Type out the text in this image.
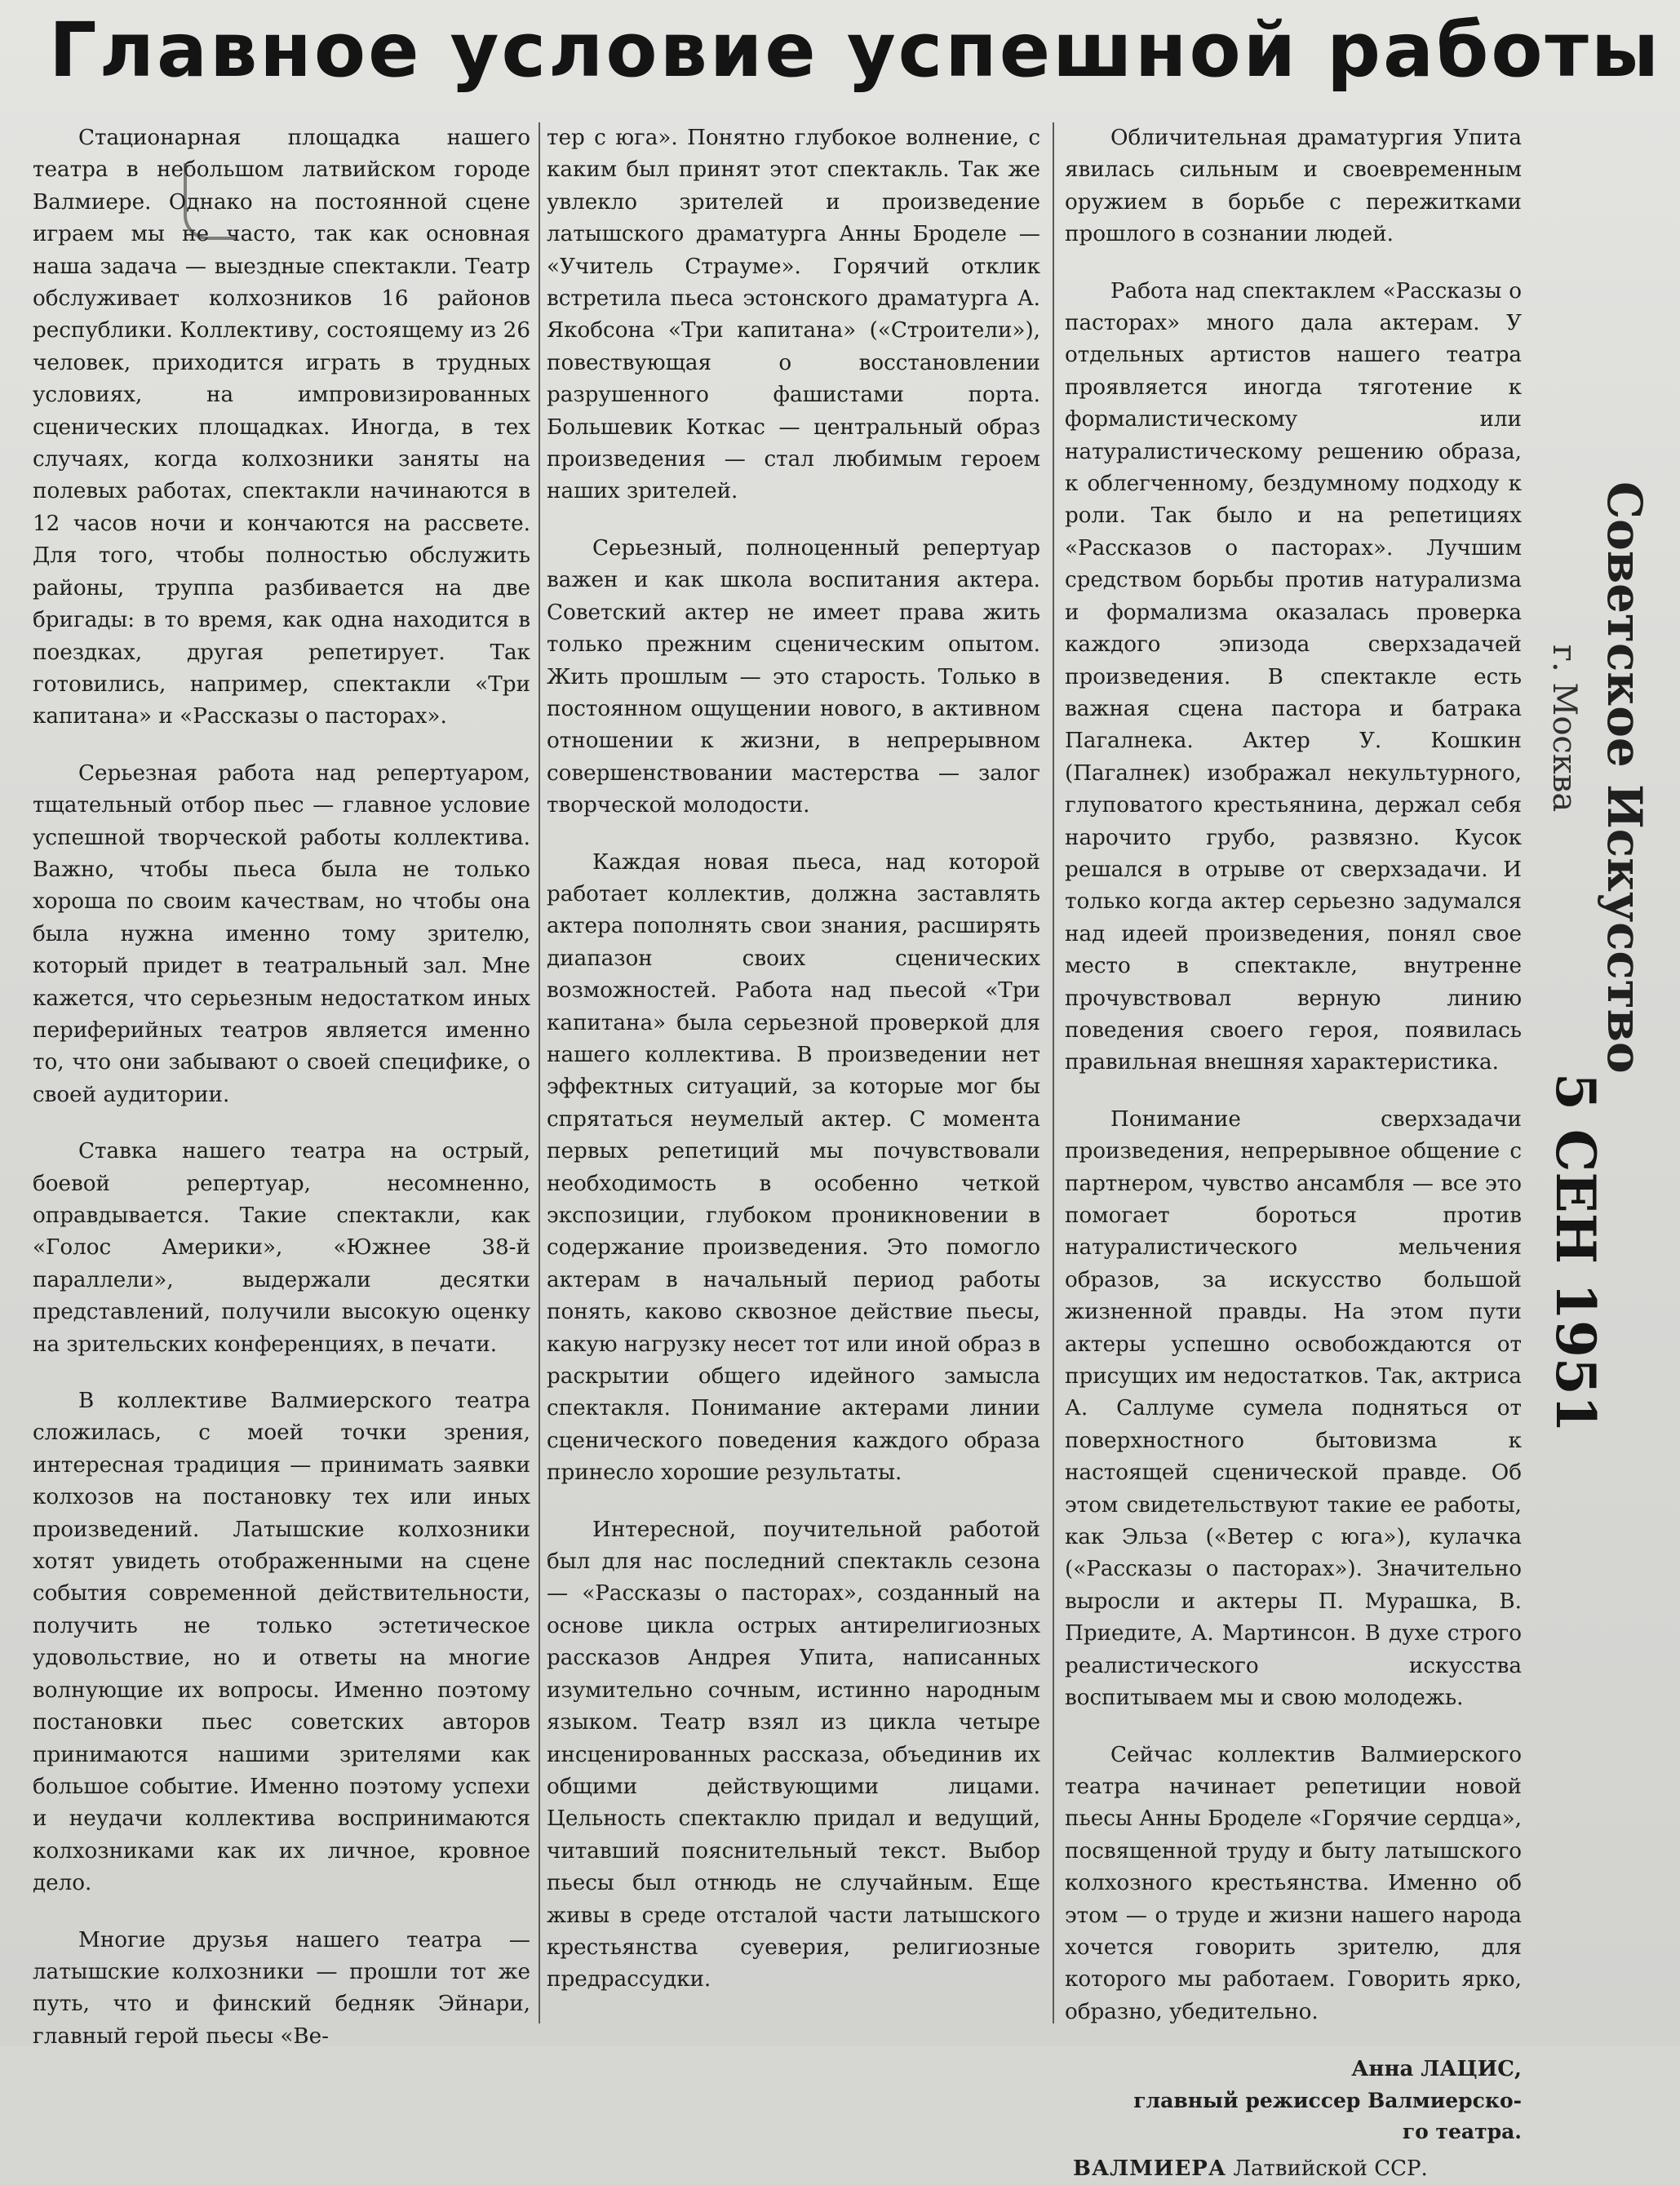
Главное условие успешной работы

Стационарная площадка нашего театра в небольшом латвийском городе Валмиере. Однако на постоянной сцене играем мы не часто, так как основная наша задача — выездные спектакли. Театр обслуживает колхозников 16 районов республики. Коллективу, состоящему из 26 человек, приходится играть в трудных условиях, на импровизированных сценических площадках. Иногда, в тех случаях, когда колхозники заняты на полевых работах, спектакли начинаются в 12 часов ночи и кончаются на рассвете. Для того, чтобы полностью обслужить районы, труппа разбивается на две бригады: в то время, как одна находится в поездках, другая репетирует. Так готовились, например, спектакли «Три капитана» и «Рассказы о пасторах».

Серьезная работа над репертуаром, тщательный отбор пьес — главное условие успешной творческой работы коллектива. Важно, чтобы пьеса была не только хороша по своим качествам, но чтобы она была нужна именно тому зрителю, который придет в театральный зал. Мне кажется, что серьезным недостатком иных периферийных театров является именно то, что они забывают о своей специфике, о своей аудитории.

Ставка нашего театра на острый, боевой репертуар, несомненно, оправдывается. Такие спектакли, как «Голос Америки», «Южнее 38-й параллели», выдержали десятки представлений, получили высокую оценку на зрительских конференциях, в печати.

В коллективе Валмиерского театра сложилась, с моей точки зрения, интересная традиция — принимать заявки колхозов на постановку тех или иных произведений. Латышские колхозники хотят увидеть отображенными на сцене события современной действительности, получить не только эстетическое удовольствие, но и ответы на многие волнующие их вопросы. Именно поэтому постановки пьес советских авторов принимаются нашими зрителями как большое событие. Именно поэтому успехи и неудачи коллектива воспринимаются колхозниками как их личное, кровное дело.

Многие друзья нашего театра — латышские колхозники — прошли тот же путь, что и финский бедняк Эйнари, главный герой пьесы «Ве-

тер с юга». Понятно глубокое волнение, с каким был принят этот спектакль. Так же увлекло зрителей и произведение латышского драматурга Анны Броделе — «Учитель Страуме». Горячий отклик встретила пьеса эстонского драматурга А. Якобсона «Три капитана» («Строители»), повествующая о восстановлении разрушенного фашистами порта. Большевик Коткас — центральный образ произведения — стал любимым героем наших зрителей.

Серьезный, полноценный репертуар важен и как школа воспитания актера. Советский актер не имеет права жить только прежним сценическим опытом. Жить прошлым — это старость. Только в постоянном ощущении нового, в активном отношении к жизни, в непрерывном совершенствовании мастерства — залог творческой молодости.

Каждая новая пьеса, над которой работает коллектив, должна заставлять актера пополнять свои знания, расширять диапазон своих сценических возможностей. Работа над пьесой «Три капитана» была серьезной проверкой для нашего коллектива. В произведении нет эффектных ситуаций, за которые мог бы спрятаться неумелый актер. С момента первых репетиций мы почувствовали необходимость в особенно четкой экспозиции, глубоком проникновении в содержание произведения. Это помогло актерам в начальный период работы понять, каково сквозное действие пьесы, какую нагрузку несет тот или иной образ в раскрытии общего идейного замысла спектакля. Понимание актерами линии сценического поведения каждого образа принесло хорошие результаты.

Интересной, поучительной работой был для нас последний спектакль сезона — «Рассказы о пасторах», созданный на основе цикла острых антирелигиозных рассказов Андрея Упита, написанных изумительно сочным, истинно народным языком. Театр взял из цикла четыре инсценированных рассказа, объединив их общими действующими лицами. Цельность спектаклю придал и ведущий, читавший пояснительный текст. Выбор пьесы был отнюдь не случайным. Еще живы в среде отсталой части латышского крестьянства суеверия, религиозные предрассудки.

Обличительная драматургия Упита явилась сильным и своевременным оружием в борьбе с пережитками прошлого в сознании людей.

Работа над спектаклем «Рассказы о пасторах» много дала актерам. У отдельных артистов нашего театра проявляется иногда тяготение к формалистическому или натуралистическому решению образа, к облегченному, бездумному подходу к роли. Так было и на репетициях «Рассказов о пасторах». Лучшим средством борьбы против натурализма и формализма оказалась проверка каждого эпизода сверхзадачей произведения. В спектакле есть важная сцена пастора и батрака Пагалнека. Актер У. Кошкин (Пагалнек) изображал некультурного, глуповатого крестьянина, держал себя нарочито грубо, развязно. Кусок решался в отрыве от сверхзадачи. И только когда актер серьезно задумался над идеей произведения, понял свое место в спектакле, внутренне прочувствовал верную линию поведения своего героя, появилась правильная внешняя характеристика.

Понимание сверхзадачи произведения, непрерывное общение с партнером, чувство ансамбля — все это помогает бороться против натуралистического мельчения образов, за искусство большой жизненной правды. На этом пути актеры успешно освобождаются от присущих им недостатков. Так, актриса А. Саллуме сумела подняться от поверхностного бытовизма к настоящей сценической правде. Об этом свидетельствуют такие ее работы, как Эльза («Ветер с юга»), кулачка («Рассказы о пасторах»). Значительно выросли и актеры П. Мурашка, В. Приедите, А. Мартинсон. В духе строго реалистического искусства воспитываем мы и свою молодежь.

Сейчас коллектив Валмиерского театра начинает репетиции новой пьесы Анны Броделе «Горячие сердца», посвященной труду и быту латышского колхозного крестьянства. Именно об этом — о труде и жизни нашего народа хочется говорить зрителю, для которого мы работаем. Говорить ярко, образно, убедительно.

Анна ЛАЦИС,
главный режиссер Валмиерско-
го театра.
ВАЛМИЕРА Латвийской ССР.
Советское Искусство
г. Москва
5 СЕН 1951
